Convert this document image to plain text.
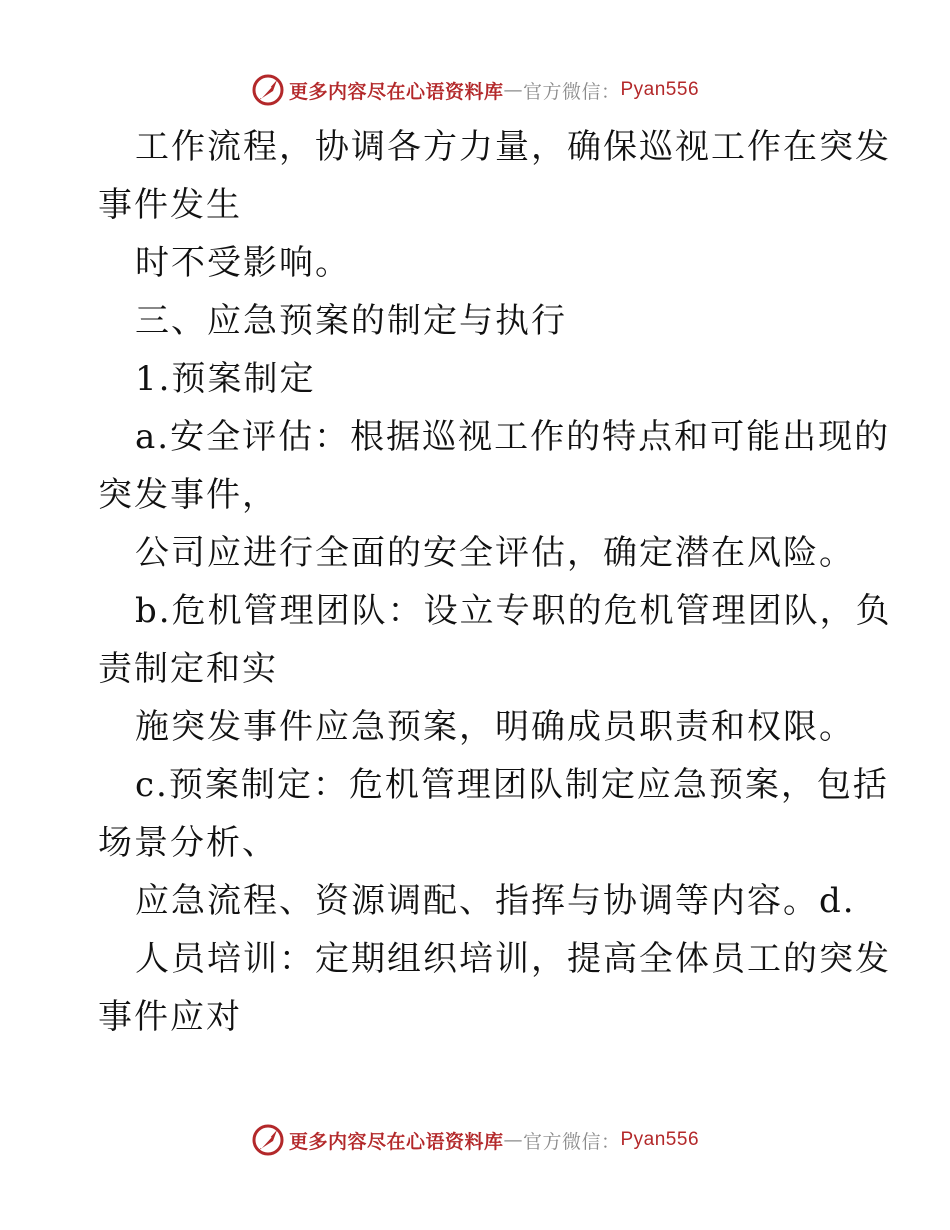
更多内容尽在心语资料库 — 官方微信： Pyan556
工作流程，协调各方力量，确保巡视工作在突发
事件发生
时不受影响。
三、应急预案的制定与执行
1.预案制定
a.安全评估：根据巡视工作的特点和可能出现的
突发事件，
公司应进行全面的安全评估，确定潜在风险。
b.危机管理团队：设立专职的危机管理团队，负
责制定和实
施突发事件应急预案，明确成员职责和权限。
c.预案制定：危机管理团队制定应急预案，包括
场景分析、
应急流程、资源调配、指挥与协调等内容。d.
人员培训：定期组织培训，提高全体员工的突发
事件应对
更多内容尽在心语资料库 — 官方微信： Pyan556
